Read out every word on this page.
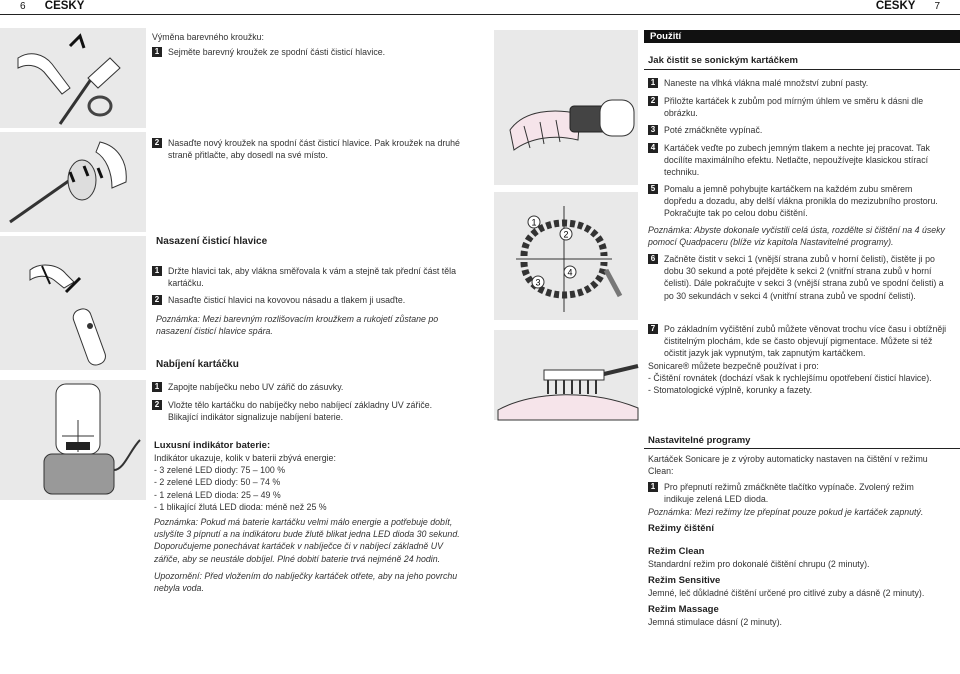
6 ČESKY	ČESKY 7
Výměna barevného kroužku:
1 Sejměte barevný kroužek ze spodní části čisticí hlavice.
2 Nasaďte nový kroužek na spodní část čisticí hlavice. Pak kroužek na druhé straně přitlačte, aby dosedl na své místo.
Nasazení čisticí hlavice
1 Držte hlavici tak, aby vlákna směřovala k vám a stejně tak přední část těla kartáčku.
2 Nasaďte čisticí hlavici na kovovou násadu a tlakem ji usaďte.
Poznámka: Mezi barevným rozlišovacím kroužkem a rukojetí zůstane po nasazení čisticí hlavice spára.
Nabíjení kartáčku
1 Zapojte nabíječku nebo UV zářič do zásuvky.
2 Vložte tělo kartáčku do nabíječky nebo nabíjecí základny UV zářiče.
Blikající indikátor signalizuje nabíjení baterie.
Luxusní indikátor baterie:
Indikátor ukazuje, kolik v baterii zbývá energie:
- 3 zelené LED diody: 75 – 100 %
- 2 zelené LED diody: 50 – 74 %
- 1 zelená LED dioda: 25 – 49 %
- 1 blikající žlutá LED dioda: méně než 25 %
Poznámka: Pokud má baterie kartáčku velmi málo energie a potřebuje dobít, uslyšíte 3 pípnutí a na indikátoru bude žlutě blikat jedna LED dioda 30 sekund. Doporučujeme ponechávat kartáček v nabíječce či v nabíjecí základně UV zářiče, aby se neustále dobíjel. Plné dobití baterie trvá nejméně 24 hodin.
Upozornění: Před vložením do nabíječky kartáček otřete, aby na jeho povrchu nebyla voda.
1
2
3
4
Použití
Jak čistit se sonickým kartáčkem
1 Naneste na vlhká vlákna malé množství zubní pasty.
2 Přiložte kartáček k zubům pod mírným úhlem ve směru k dásni dle obrázku.
3 Poté zmáčkněte vypínač.
4 Kartáček veďte po zubech jemným tlakem a nechte jej pracovat. Tak docílíte maximálního efektu. Netlačte, nepoužívejte klasickou stírací techniku.
5 Pomalu a jemně pohybujte kartáčkem na každém zubu směrem dopředu a dozadu, aby delší vlákna pronikla do mezizubního prostoru. Pokračujte tak po celou dobu čištění.
Poznámka: Abyste dokonale vyčistili celá ústa, rozdělte si čištění na 4 úseky pomocí Quadpaceru (blíže viz kapitola Nastavitelné programy).
6 Začněte čistit v sekci 1 (vnější strana zubů v horní čelisti), čistěte ji po dobu 30 sekund a poté přejděte k sekci 2 (vnitřní strana zubů v horní čelisti). Dále pokračujte v sekci 3 (vnější strana zubů ve spodní čelisti) a po 30 sekundách v sekci 4 (vnitřní strana zubů ve spodní čelisti).
7 Po základním vyčištění zubů můžete věnovat trochu více času i obtížněji čistitelným plochám, kde se často objevují pigmentace. Můžete si též očistit jazyk jak vypnutým, tak zapnutým kartáčkem.
Sonicare® můžete bezpečně používat i pro:
- Čištění rovnátek (dochází však k rychlejšímu opotřebení čisticí hlavice).
- Stomatologické výplně, korunky a fazety.
Nastavitelné programy
Kartáček Sonicare je z výroby automaticky nastaven na čištění v režimu Clean:
1 Pro přepnutí režimů zmáčkněte tlačítko vypínače. Zvolený režim indikuje zelená LED dioda.
Poznámka: Mezi režimy lze přepínat pouze pokud je kartáček zapnutý.
Režimy čištění
Režim Clean
Standardní režim pro dokonalé čištění chrupu (2 minuty).
Režim Sensitive
Jemné, leč důkladné čištění určené pro citlivé zuby a dásně (2 minuty).
Režim Massage
Jemná stimulace dásní (2 minuty).
